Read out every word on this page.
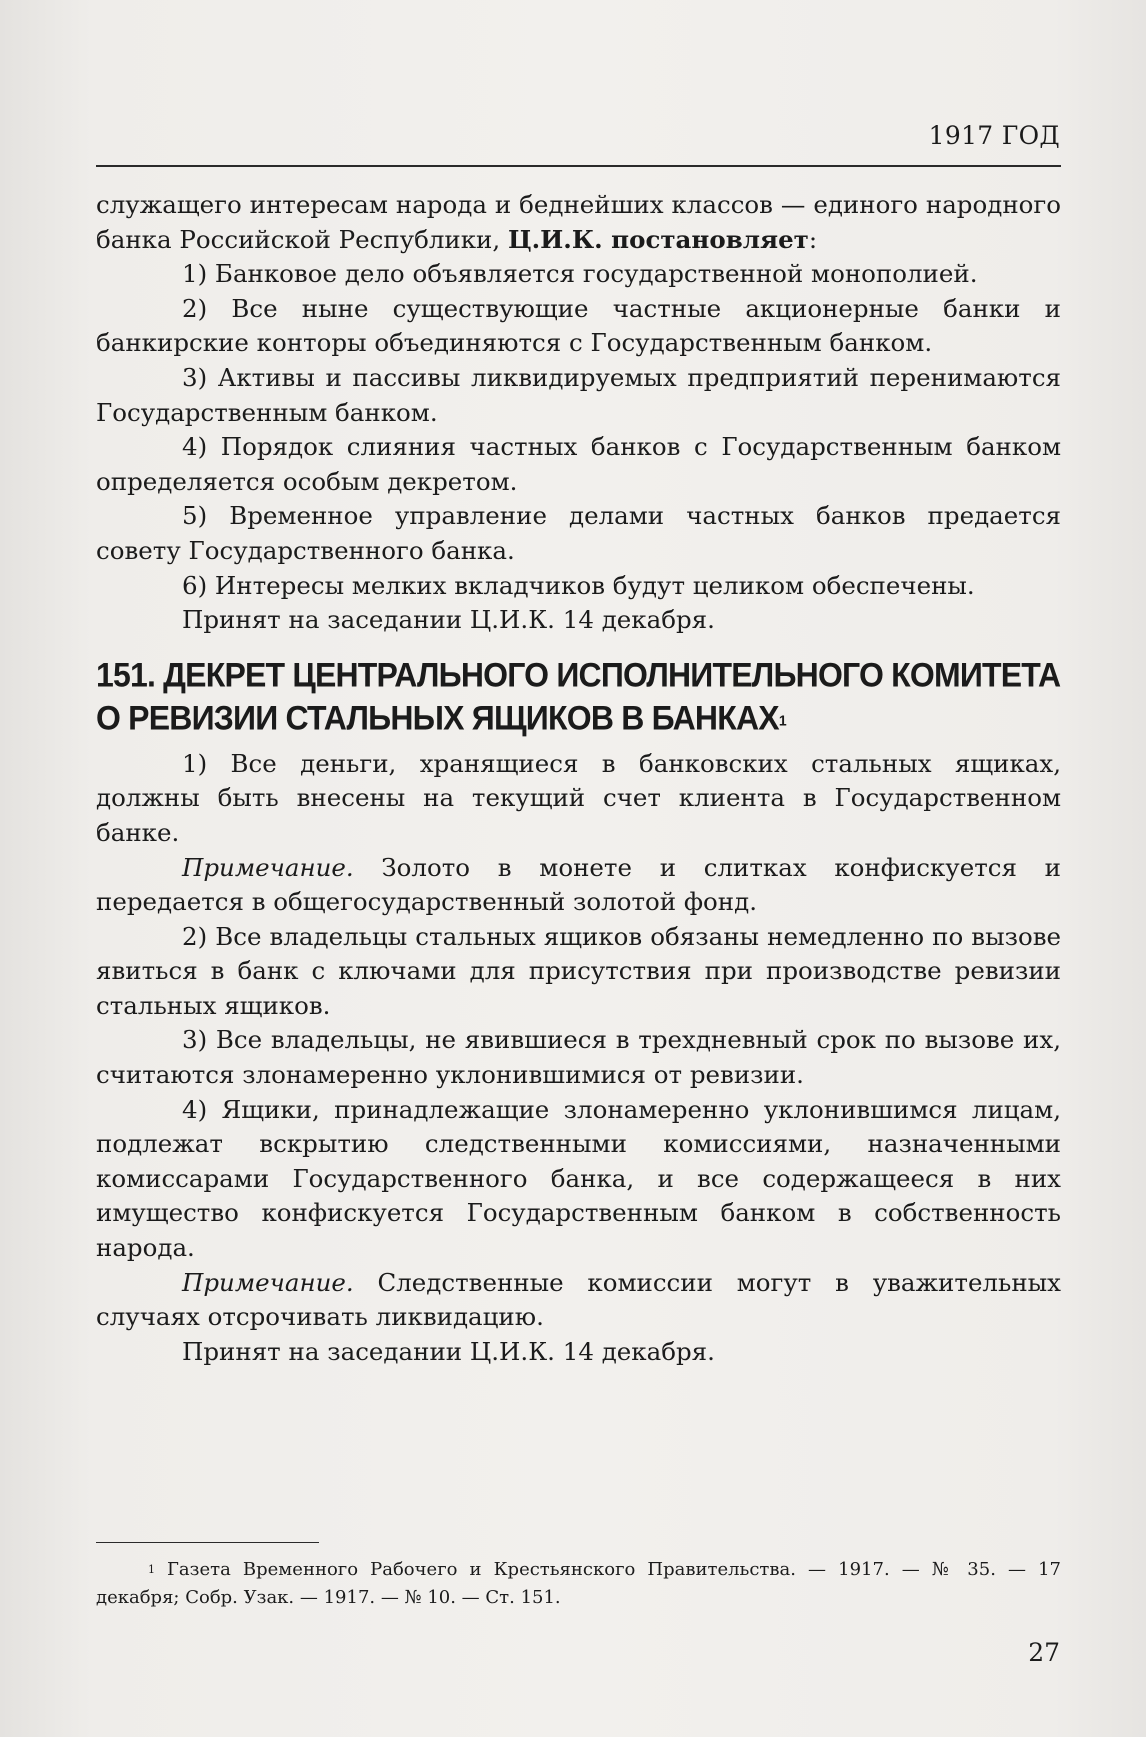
1917 ГОД

служащего интересам народа и беднейших классов — единого народного банка Российской Республики, Ц.И.К. постановляет:

1) Банковое дело объявляется государственной монополией.

2) Все ныне существующие частные акционерные банки и банкирские конторы объединяются с Государственным банком.

3) Активы и пассивы ликвидируемых предприятий перенимаются Государственным банком.

4) Порядок слияния частных банков с Государственным банком определяется особым декретом.

5) Временное управление делами частных банков предается совету Государственного банка.

6) Интересы мелких вкладчиков будут целиком обеспечены.

Принят на заседании Ц.И.К. 14 декабря.

151. ДЕКРЕТ ЦЕНТРАЛЬНОГО ИСПОЛНИТЕЛЬНОГО КОМИТЕТА
О РЕВИЗИИ СТАЛЬНЫХ ЯЩИКОВ В БАНКАХ$^1$

1) Все деньги, хранящиеся в банковских стальных ящиках, должны быть внесены на текущий счет клиента в Государственном банке.

Примечание. Золото в монете и слитках конфискуется и передается в общегосударственный золотой фонд.

2) Все владельцы стальных ящиков обязаны немедленно по вызове явиться в банк с ключами для присутствия при производстве ревизии стальных ящиков.

3) Все владельцы, не явившиеся в трехдневный срок по вызове их, считаются злонамеренно уклонившимися от ревизии.

4) Ящики, принадлежащие злонамеренно уклонившимся лицам, подлежат вскрытию следственными комиссиями, назначенными комиссарами Государственного банка, и все содержащееся в них имущество конфискуется Государственным банком в собственность народа.

Примечание. Следственные комиссии могут в уважительных случаях отсрочивать ликвидацию.

Принят на заседании Ц.И.К. 14 декабря.

$^1$ Газета Временного Рабочего и Крестьянского Правительства. — 1917. — № 35. — 17 декабря; Собр. Узак. — 1917. — № 10. — Ст. 151.

27
